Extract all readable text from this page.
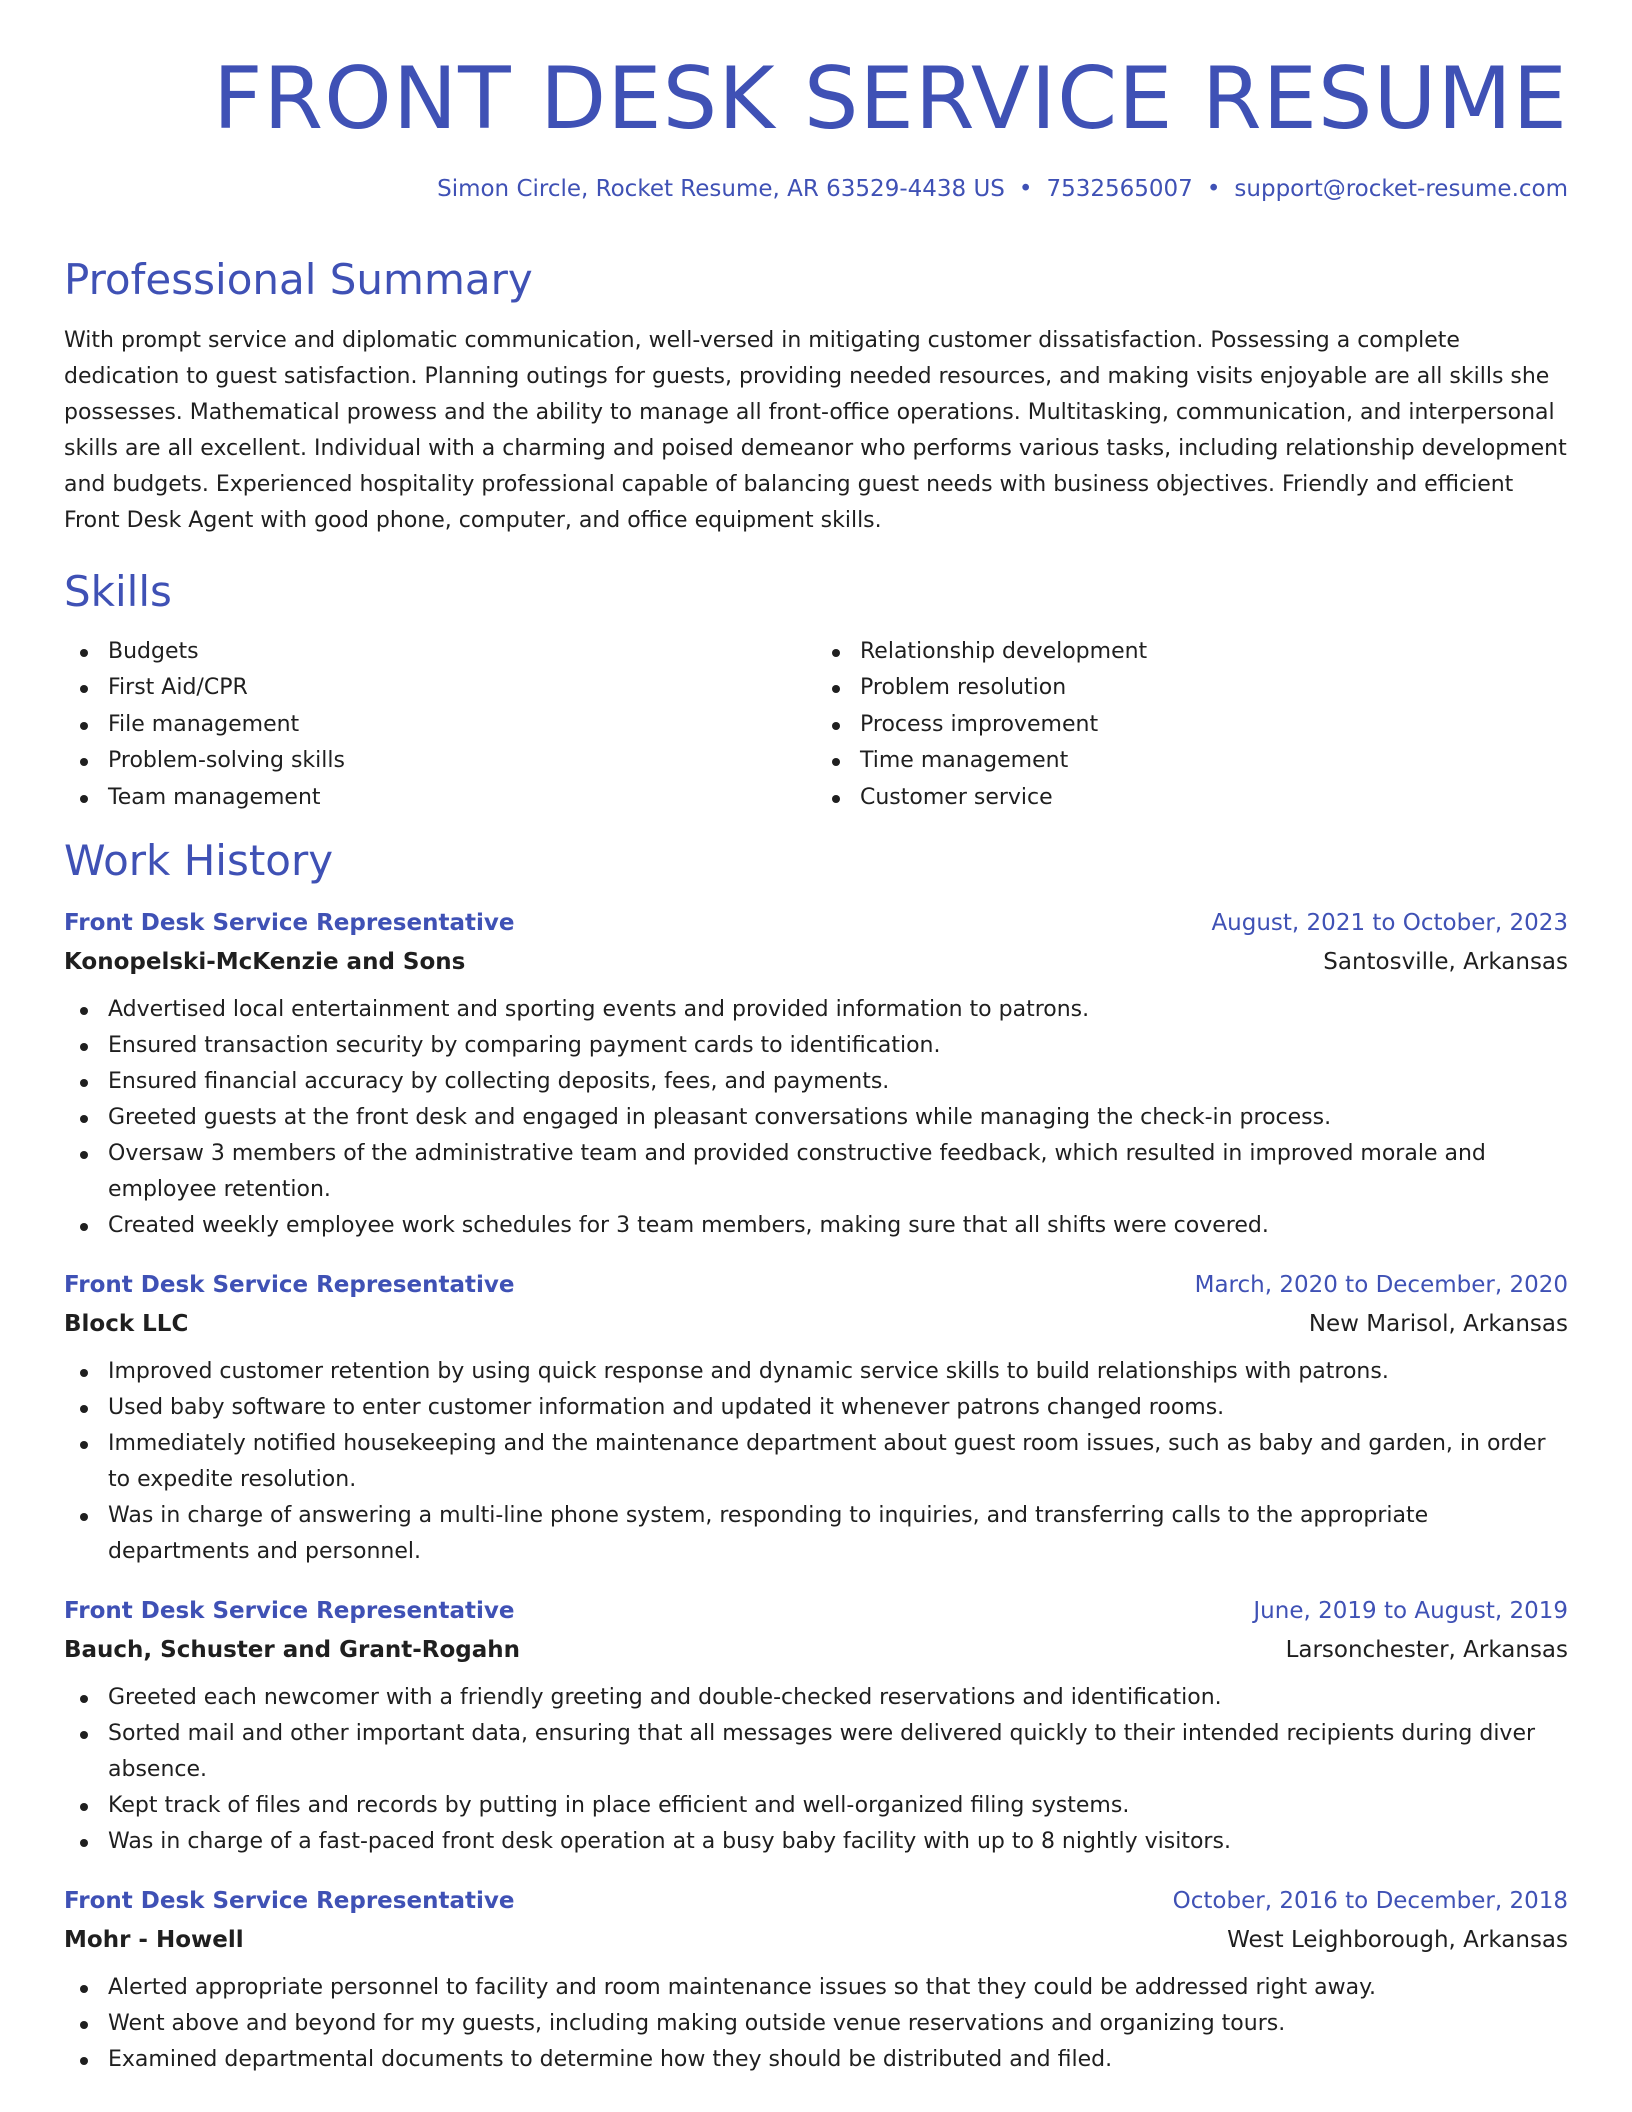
FRONT DESK SERVICE RESUME
Simon Circle, Rocket Resume, AR 63529-4438 US • 7532565007 • support@rocket-resume.com
Professional Summary

With prompt service and diplomatic communication, well-versed in mitigating customer dissatisfaction. Possessing a complete dedication to guest satisfaction. Planning outings for guests, providing needed resources, and making visits enjoyable are all skills she possesses. Mathematical prowess and the ability to manage all front-office operations. Multitasking, communication, and interpersonal skills are all excellent. Individual with a charming and poised demeanor who performs various tasks, including relationship development and budgets. Experienced hospitality professional capable of balancing guest needs with business objectives. Friendly and efficient Front Desk Agent with good phone, computer, and office equipment skills.

Skills
Budgets
First Aid/CPR
File management
Problem-solving skills
Team management
Relationship development
Problem resolution
Process improvement
Time management
Customer service
Work History
Front Desk Service Representative	August, 2021 to October, 2023
Konopelski-McKenzie and Sons	Santosville, Arkansas
Advertised local entertainment and sporting events and provided information to patrons.
Ensured transaction security by comparing payment cards to identification.
Ensured financial accuracy by collecting deposits, fees, and payments.
Greeted guests at the front desk and engaged in pleasant conversations while managing the check-in process.
Oversaw 3 members of the administrative team and provided constructive feedback, which resulted in improved morale and employee retention.
Created weekly employee work schedules for 3 team members, making sure that all shifts were covered.
Front Desk Service Representative	March, 2020 to December, 2020
Block LLC	New Marisol, Arkansas
Improved customer retention by using quick response and dynamic service skills to build relationships with patrons.
Used baby software to enter customer information and updated it whenever patrons changed rooms.
Immediately notified housekeeping and the maintenance department about guest room issues, such as baby and garden, in order to expedite resolution.
Was in charge of answering a multi-line phone system, responding to inquiries, and transferring calls to the appropriate departments and personnel.
Front Desk Service Representative	June, 2019 to August, 2019
Bauch, Schuster and Grant-Rogahn	Larsonchester, Arkansas
Greeted each newcomer with a friendly greeting and double-checked reservations and identification.
Sorted mail and other important data, ensuring that all messages were delivered quickly to their intended recipients during diver absence.
Kept track of files and records by putting in place efficient and well-organized filing systems.
Was in charge of a fast-paced front desk operation at a busy baby facility with up to 8 nightly visitors.
Front Desk Service Representative	October, 2016 to December, 2018
Mohr - Howell	West Leighborough, Arkansas
Alerted appropriate personnel to facility and room maintenance issues so that they could be addressed right away.
Went above and beyond for my guests, including making outside venue reservations and organizing tours.
Examined departmental documents to determine how they should be distributed and filed.
